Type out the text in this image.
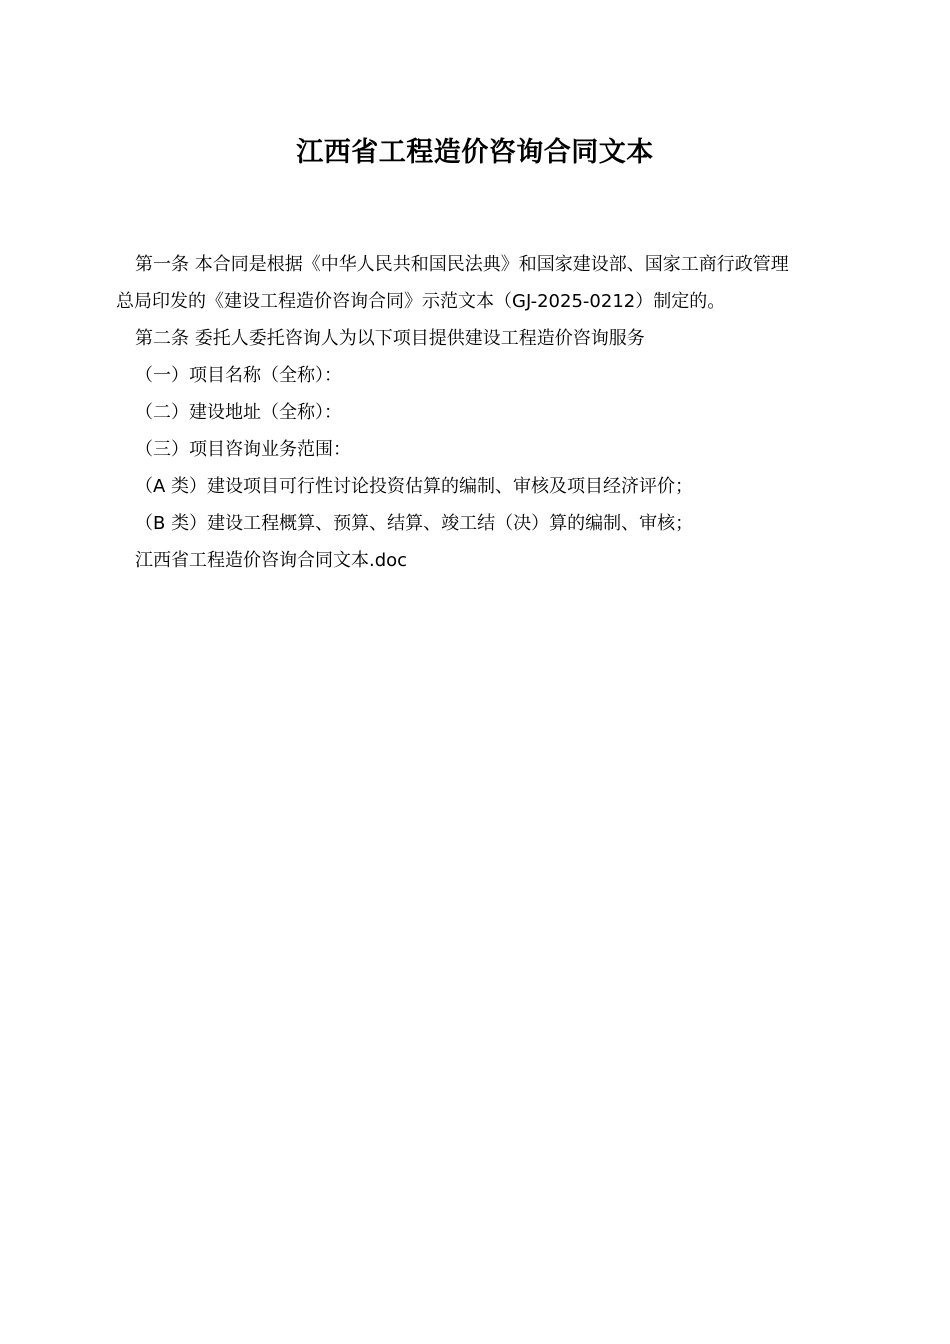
江西省工程造价咨询合同文本

第一条 本合同是根据《中华人民共和国民法典》和国家建设部、国家工商行政管理
总局印发的《建设工程造价咨询合同》示范文本（GJ-2025-0212）制定的。

第二条 委托人委托咨询人为以下项目提供建设工程造价咨询服务

（一）项目名称（全称）：

（二）建设地址（全称）：

（三）项目咨询业务范围：

（A 类）建设项目可行性讨论投资估算的编制、审核及项目经济评价；

（B 类）建设工程概算、预算、结算、竣工结（决）算的编制、审核；

江西省工程造价咨询合同文本.doc
